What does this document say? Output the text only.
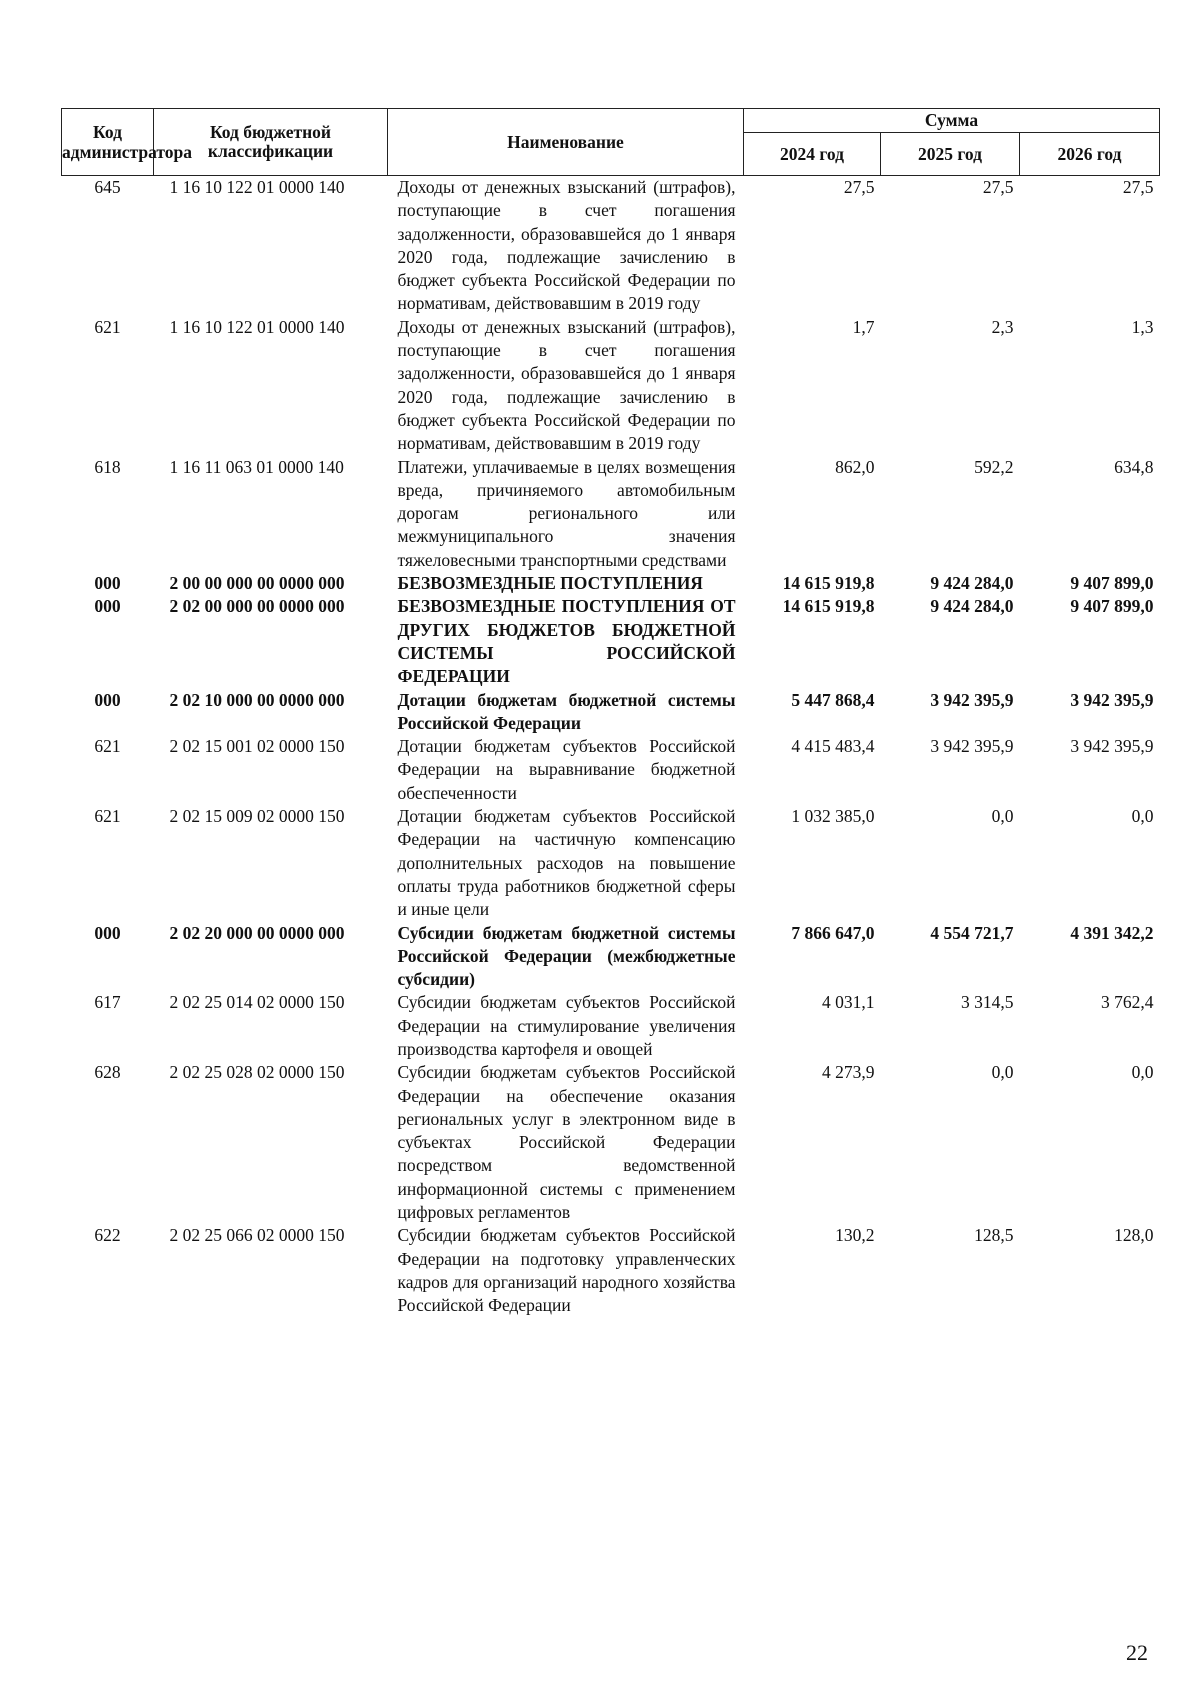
Код администратора	Код бюджетной классификации	Наименование	Сумма		
			2024 год	2025 год	2026 год
645	1 16 10 122 01 0000 140	Доходы от денежных взысканий (штрафов), поступающие в счет погашения задолженности, образовавшейся до 1 января 2020 года, подлежащие зачислению в бюджет субъекта Российской Федерации по нормативам, действовавшим в 2019 году	27,5	27,5	27,5
621	1 16 10 122 01 0000 140	Доходы от денежных взысканий (штрафов), поступающие в счет погашения задолженности, образовавшейся до 1 января 2020 года, подлежащие зачислению в бюджет субъекта Российской Федерации по нормативам, действовавшим в 2019 году	1,7	2,3	1,3
618	1 16 11 063 01 0000 140	Платежи, уплачиваемые в целях возмещения вреда, причиняемого автомобильным дорогам регионального или межмуниципального значения тяжеловесными транспортными средствами	862,0	592,2	634,8
000	2 00 00 000 00 0000 000	БЕЗВОЗМЕЗДНЫЕ ПОСТУПЛЕНИЯ	14 615 919,8	9 424 284,0	9 407 899,0
000	2 02 00 000 00 0000 000	БЕЗВОЗМЕЗДНЫЕ ПОСТУПЛЕНИЯ ОТ ДРУГИХ БЮДЖЕТОВ БЮДЖЕТНОЙ СИСТЕМЫ РОССИЙСКОЙ ФЕДЕРАЦИИ	14 615 919,8	9 424 284,0	9 407 899,0
000	2 02 10 000 00 0000 000	Дотации бюджетам бюджетной системы Российской Федерации	5 447 868,4	3 942 395,9	3 942 395,9
621	2 02 15 001 02 0000 150	Дотации бюджетам субъектов Российской Федерации на выравнивание бюджетной обеспеченности	4 415 483,4	3 942 395,9	3 942 395,9
621	2 02 15 009 02 0000 150	Дотации бюджетам субъектов Российской Федерации на частичную компенсацию дополнительных расходов на повышение оплаты труда работников бюджетной сферы и иные цели	1 032 385,0	0,0	0,0
000	2 02 20 000 00 0000 000	Субсидии бюджетам бюджетной системы Российской Федерации (межбюджетные субсидии)	7 866 647,0	4 554 721,7	4 391 342,2
617	2 02 25 014 02 0000 150	Субсидии бюджетам субъектов Российской Федерации на стимулирование увеличения производства картофеля и овощей	4 031,1	3 314,5	3 762,4
628	2 02 25 028 02 0000 150	Субсидии бюджетам субъектов Российской Федерации на обеспечение оказания региональных услуг в электронном виде в субъектах Российской Федерации посредством ведомственной информационной системы с применением цифровых регламентов	4 273,9	0,0	0,0
622	2 02 25 066 02 0000 150	Субсидии бюджетам субъектов Российской Федерации на подготовку управленческих кадров для организаций народного хозяйства Российской Федерации	130,2	128,5	128,0
22
